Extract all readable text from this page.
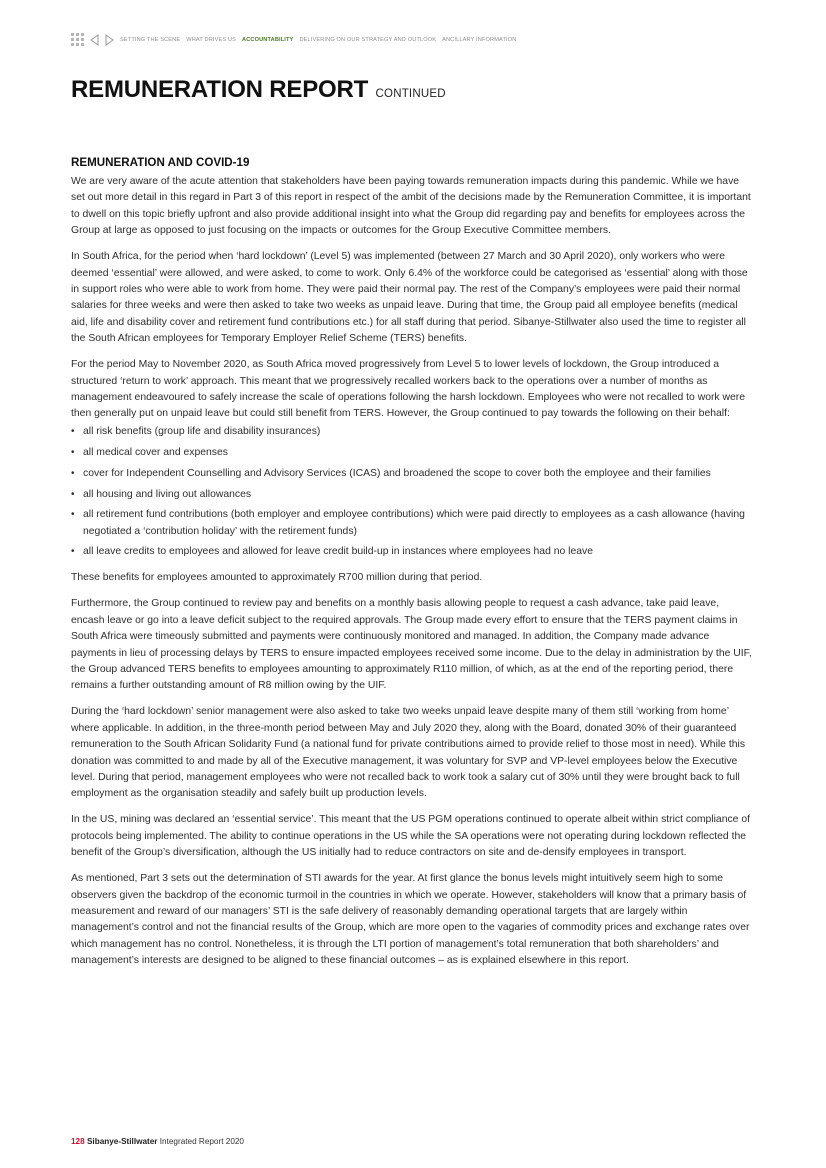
SETTING THE SCENE WHAT DRIVES US ACCOUNTABILITY DELIVERING ON OUR STRATEGY AND OUTLOOK ANCILLARY INFORMATION
REMUNERATION REPORT CONTINUED
REMUNERATION AND COVID-19

We are very aware of the acute attention that stakeholders have been paying towards remuneration impacts during this pandemic. While we have set out more detail in this regard in Part 3 of this report in respect of the ambit of the decisions made by the Remuneration Committee, it is important to dwell on this topic briefly upfront and also provide additional insight into what the Group did regarding pay and benefits for employees across the Group at large as opposed to just focusing on the impacts or outcomes for the Group Executive Committee members.

In South Africa, for the period when ‘hard lockdown’ (Level 5) was implemented (between 27 March and 30 April 2020), only workers who were deemed ‘essential’ were allowed, and were asked, to come to work. Only 6.4% of the workforce could be categorised as ‘essential’ along with those in support roles who were able to work from home. They were paid their normal pay. The rest of the Company’s employees were paid their normal salaries for three weeks and were then asked to take two weeks as unpaid leave. During that time, the Group paid all employee benefits (medical aid, life and disability cover and retirement fund contributions etc.) for all staff during that period. Sibanye-Stillwater also used the time to register all the South African employees for Temporary Employer Relief Scheme (TERS) benefits.

For the period May to November 2020, as South Africa moved progressively from Level 5 to lower levels of lockdown, the Group introduced a structured ‘return to work’ approach. This meant that we progressively recalled workers back to the operations over a number of months as management endeavoured to safely increase the scale of operations following the harsh lockdown. Employees who were not recalled to work were then generally put on unpaid leave but could still benefit from TERS. However, the Group continued to pay towards the following on their behalf:

• all risk benefits (group life and disability insurances)
• all medical cover and expenses
• cover for Independent Counselling and Advisory Services (ICAS) and broadened the scope to cover both the employee and their families
• all housing and living out allowances
• all retirement fund contributions (both employer and employee contributions) which were paid directly to employees as a cash allowance (having negotiated a ‘contribution holiday’ with the retirement funds)
• all leave credits to employees and allowed for leave credit build-up in instances where employees had no leave

These benefits for employees amounted to approximately R700 million during that period.

Furthermore, the Group continued to review pay and benefits on a monthly basis allowing people to request a cash advance, take paid leave, encash leave or go into a leave deficit subject to the required approvals. The Group made every effort to ensure that the TERS payment claims in South Africa were timeously submitted and payments were continuously monitored and managed. In addition, the Company made advance payments in lieu of processing delays by TERS to ensure impacted employees received some income. Due to the delay in administration by the UIF, the Group advanced TERS benefits to employees amounting to approximately R110 million, of which, as at the end of the reporting period, there remains a further outstanding amount of R8 million owing by the UIF.

During the ‘hard lockdown’ senior management were also asked to take two weeks unpaid leave despite many of them still ‘working from home’ where applicable. In addition, in the three-month period between May and July 2020 they, along with the Board, donated 30% of their guaranteed remuneration to the South African Solidarity Fund (a national fund for private contributions aimed to provide relief to those most in need). While this donation was committed to and made by all of the Executive management, it was voluntary for SVP and VP-level employees below the Executive level. During that period, management employees who were not recalled back to work took a salary cut of 30% until they were brought back to full employment as the organisation steadily and safely built up production levels.

In the US, mining was declared an ‘essential service’. This meant that the US PGM operations continued to operate albeit within strict compliance of protocols being implemented. The ability to continue operations in the US while the SA operations were not operating during lockdown reflected the benefit of the Group’s diversification, although the US initially had to reduce contractors on site and de-densify employees in transport.

As mentioned, Part 3 sets out the determination of STI awards for the year. At first glance the bonus levels might intuitively seem high to some observers given the backdrop of the economic turmoil in the countries in which we operate. However, stakeholders will know that a primary basis of measurement and reward of our managers’ STI is the safe delivery of reasonably demanding operational targets that are largely within management’s control and not the financial results of the Group, which are more open to the vagaries of commodity prices and exchange rates over which management has no control. Nonetheless, it is through the LTI portion of management’s total remuneration that both shareholders’ and management’s interests are designed to be aligned to these financial outcomes – as is explained elsewhere in this report.

128 Sibanye-Stillwater Integrated Report 2020
